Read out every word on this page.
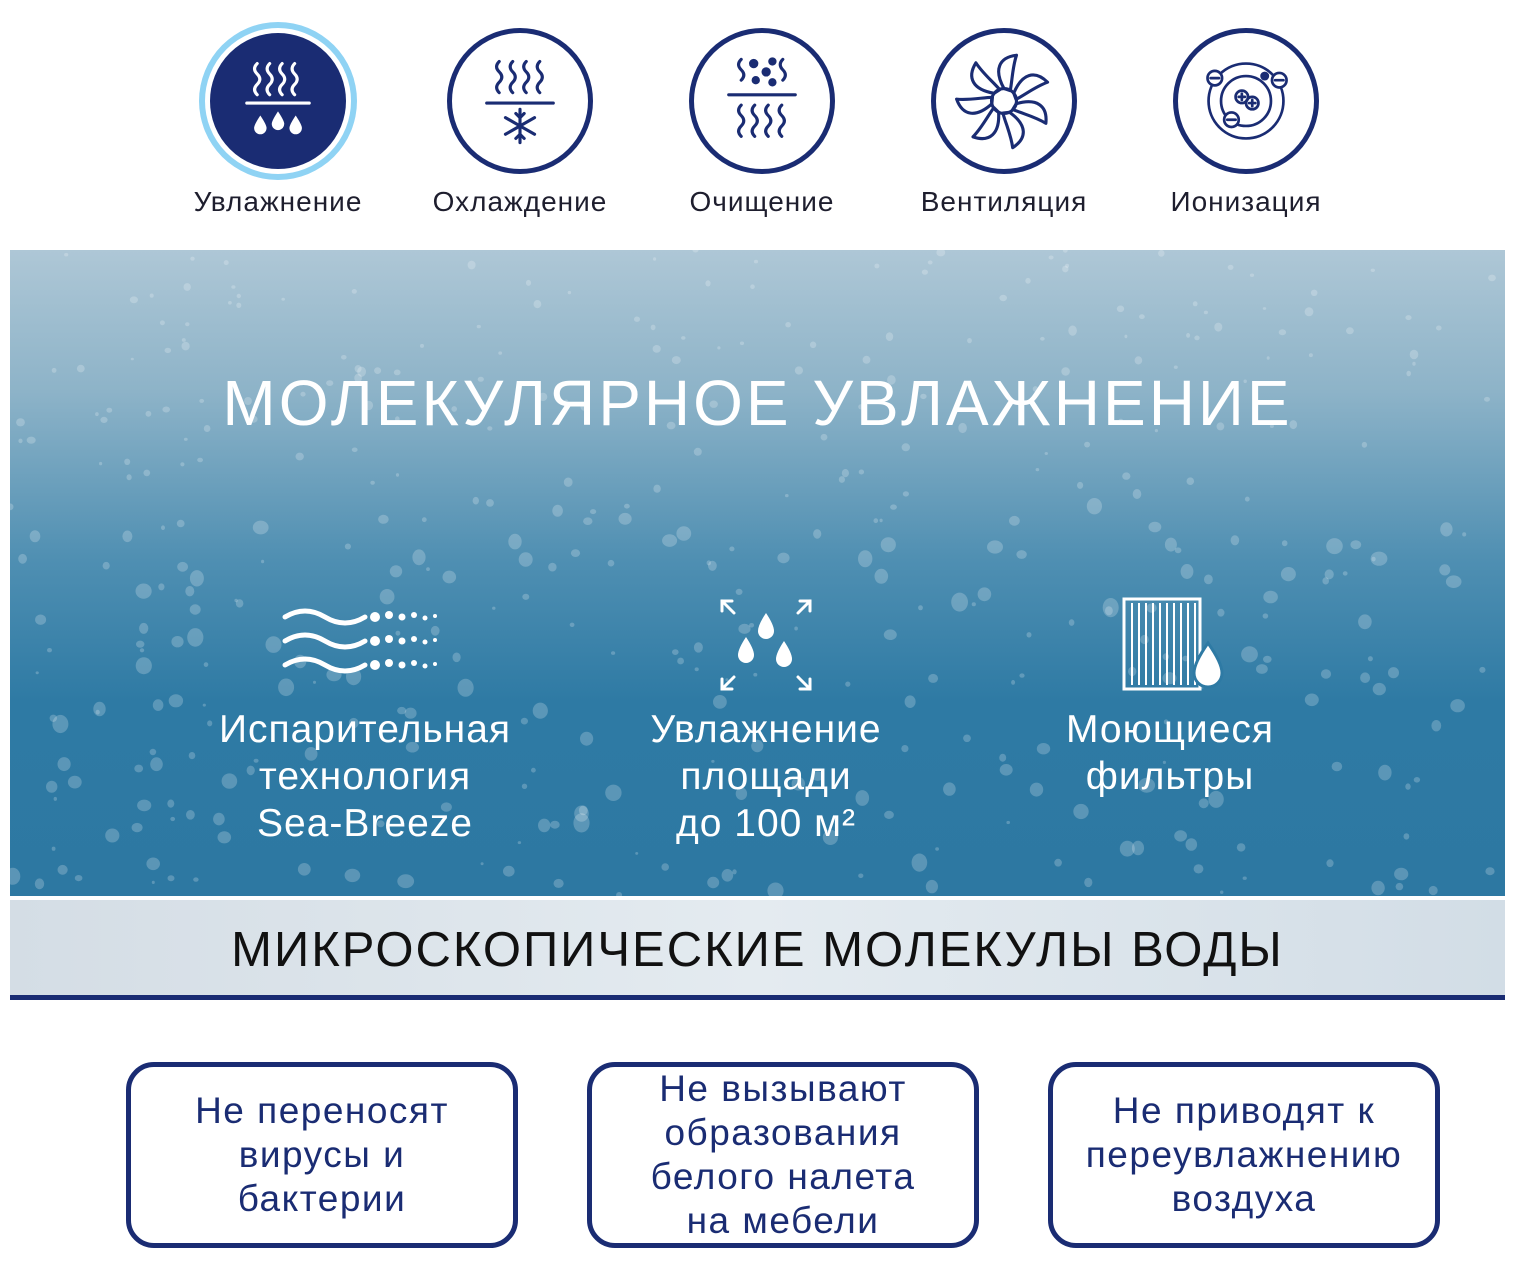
Увлажнение	Охлаждение	Очищение	Вентиляция	Ионизация
МОЛЕКУЛЯРНОЕ УВЛАЖНЕНИЕ
Испарительная
технология
Sea-Breeze
Увлажнение
площади
до 100 м²
Моющиеся
фильтры
МИКРОСКОПИЧЕСКИЕ МОЛЕКУЛЫ ВОДЫ
Не переносят
вирусы и
бактерии
Не вызывают
образования
белого налета
на мебели
Не приводят к
переувлажнению
воздуха
